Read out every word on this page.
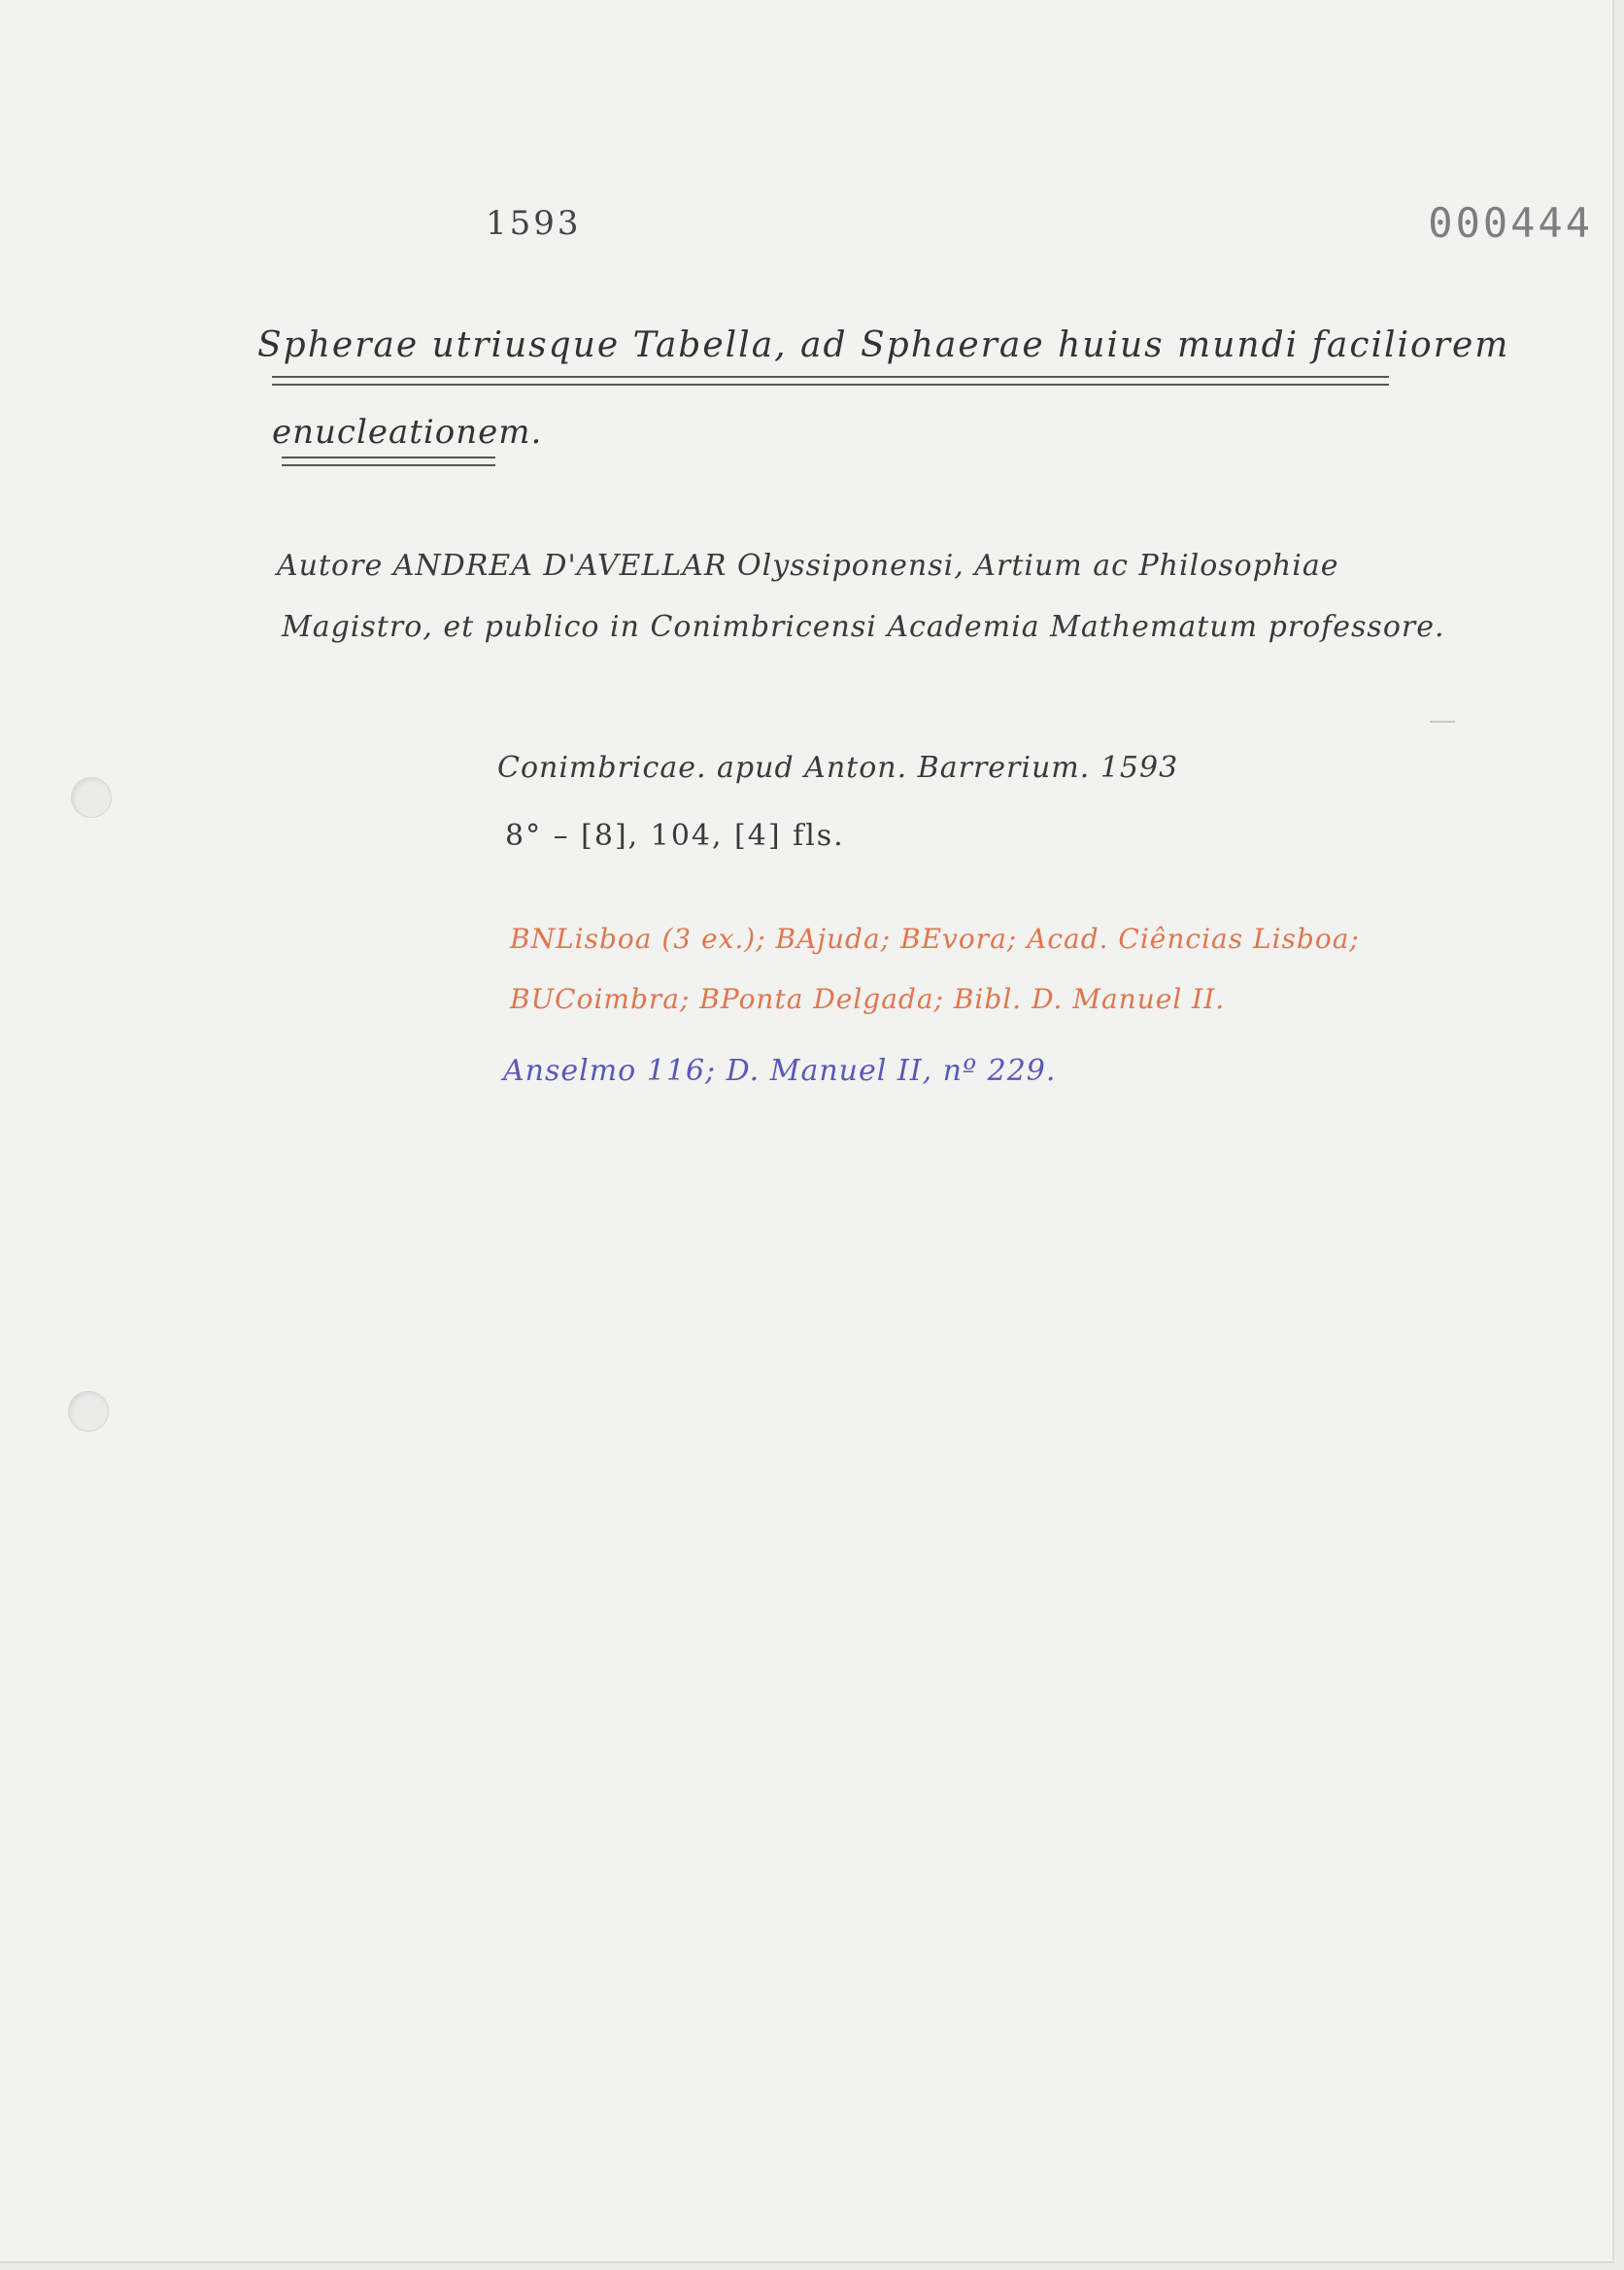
1593	000444
Spherae utriusque Tabella, ad Sphaerae huius mundi faciliorem
enucleationem.
Autore ANDREA D'AVELLAR Olyssiponensi, Artium ac Philosophiae
Magistro, et publico in Conimbricensi Academia Mathematum professore.
Conimbricae. apud Anton. Barrerium. 1593
8° – [8], 104, [4] fls.
BNLisboa (3 ex.); BAjuda; BEvora; Acad. Ciências Lisboa;
BUCoimbra; BPonta Delgada; Bibl. D. Manuel II.
Anselmo 116; D. Manuel II, nº 229.
